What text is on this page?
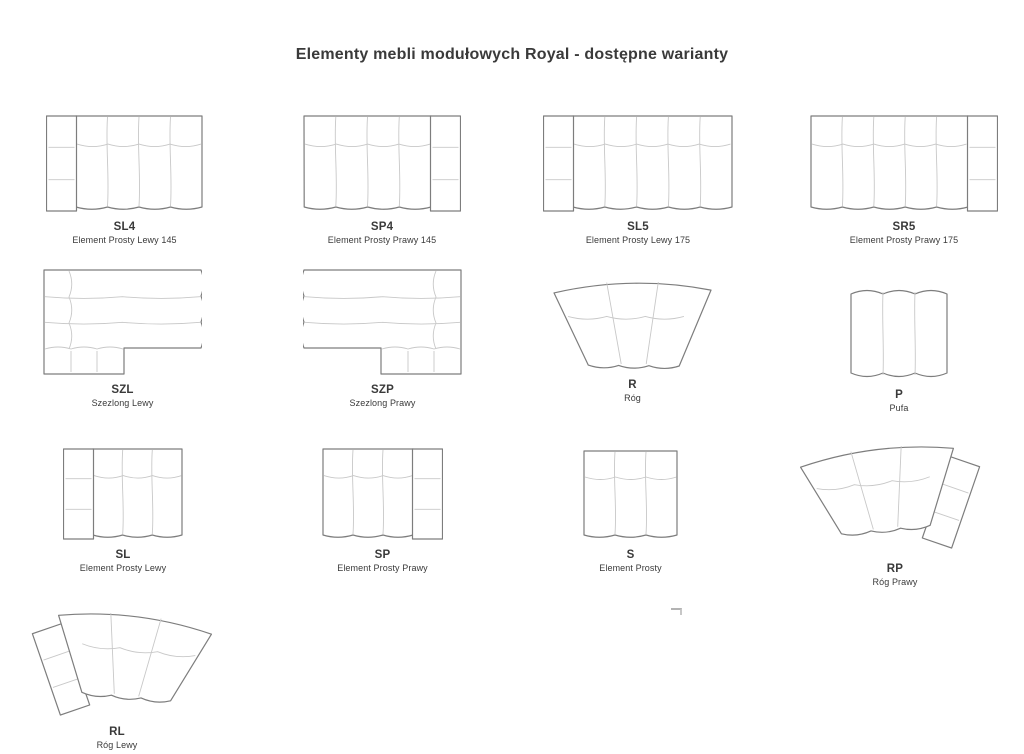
Elementy mebli modułowych Royal - dostępne warianty
SL4
Element Prosty Lewy 145
SP4
Element Prosty Prawy 145
SL5
Element Prosty Lewy 175
SR5
Element Prosty Prawy 175
SZL
Szezlong Lewy
SZP
Szezlong Prawy
R
Róg	P
Pufa
SL
Element Prosty Lewy
SP
Element Prosty Prawy
S
Element Prosty	RP
Róg Prawy
RL
Róg Lewy
